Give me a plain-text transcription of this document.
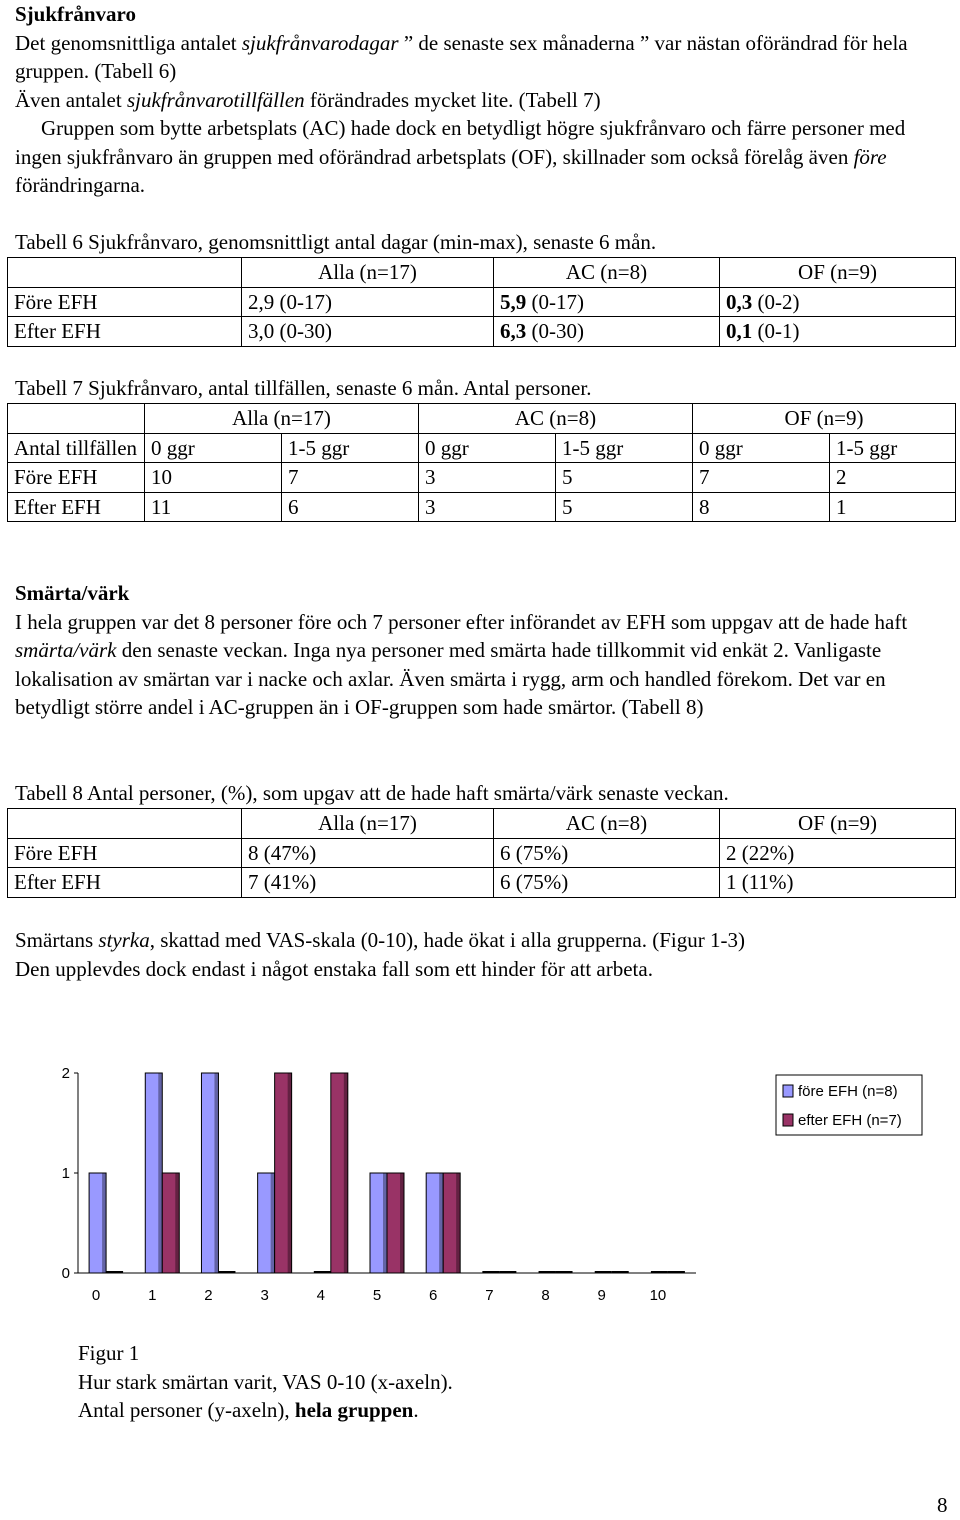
Sjukfrånvaro

Det genomsnittliga antalet sjukfrånvarodagar ” de senaste sex månaderna ” var nästan oförändrad för hela gruppen. (Tabell 6)

Även antalet sjukfrånvarotillfällen förändrades mycket lite. (Tabell 7)

Gruppen som bytte arbetsplats (AC) hade dock en betydligt högre sjukfrånvaro och färre personer med ingen sjukfrånvaro än gruppen med oförändrad arbetsplats (OF), skillnader som också förelåg även före förändringarna.

Tabell 6 Sjukfrånvaro, genomsnittligt antal dagar (min-max), senaste 6 mån.

	Alla (n=17)	AC (n=8)	OF (n=9)
Före EFH	2,9 (0-17)	5,9 (0-17)	0,3 (0-2)
Efter EFH	3,0 (0-30)	6,3 (0-30)	0,1 (0-1)

Tabell 7 Sjukfrånvaro, antal tillfällen, senaste 6 mån. Antal personer.

	Alla (n=17)		AC (n=8)		OF (n=9)	
Antal tillfällen	0 ggr	1-5 ggr	0 ggr	1-5 ggr	0 ggr	1-5 ggr
Före EFH	10	7	3	5	7	2
Efter EFH	11	6	3	5	8	1
Smärta/värk

I hela gruppen var det 8 personer före och 7 personer efter införandet av EFH som uppgav att de hade haft smärta/värk den senaste veckan. Inga nya personer med smärta hade tillkommit vid enkät 2. Vanligaste lokalisation av smärtan var i nacke och axlar. Även smärta i rygg, arm och handled förekom. Det var en betydligt större andel i AC-gruppen än i OF-gruppen som hade smärtor. (Tabell 8)

Tabell 8 Antal personer, (%), som upgav att de hade haft smärta/värk senaste veckan.

	Alla (n=17)	AC (n=8)	OF (n=9)
Före EFH	8 (47%)	6 (75%)	2 (22%)
Efter EFH	7 (41%)	6 (75%)	1 (11%)

Smärtans styrka, skattad med VAS-skala (0-10), hade ökat i alla grupperna. (Figur 1-3)

Den upplevdes dock endast i något enstaka fall som ett hinder för att arbeta.

0	1	2	3	4	5	6	7	8	9	10
0
1
2
före EFH (n=8)
efter EFH (n=7)

Figur 1

Hur stark smärtan varit, VAS 0-10 (x-axeln).

Antal personer (y-axeln), hela gruppen.

8
